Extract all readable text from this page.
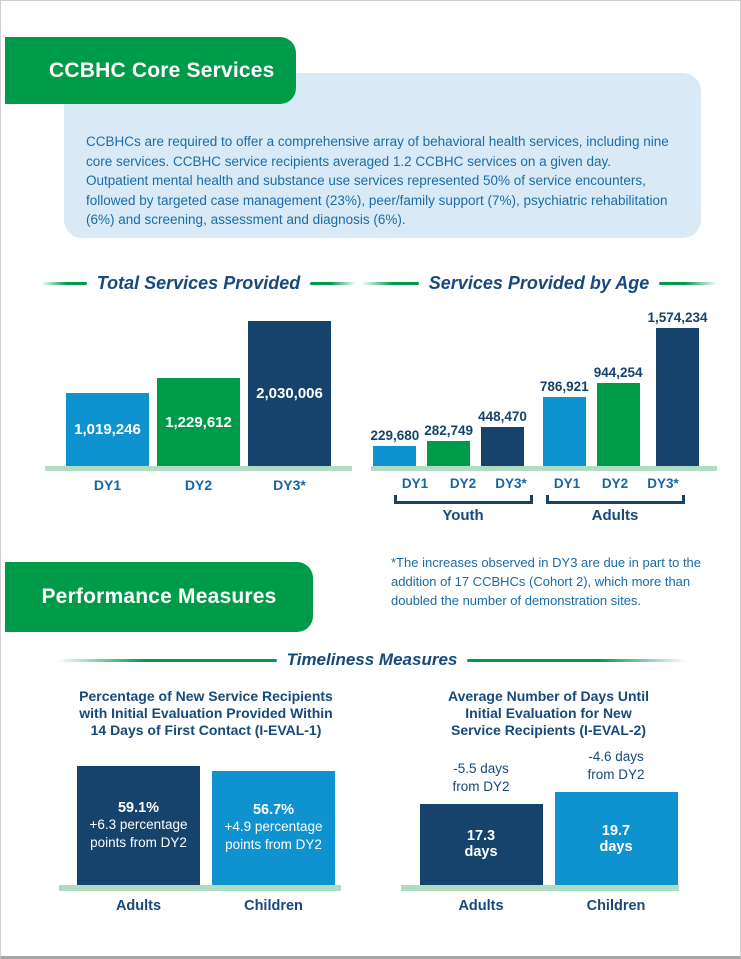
CCBHC Core Services

CCBHCs are required to offer a comprehensive array of behavioral health services, including nine core services. CCBHC service recipients averaged 1.2 CCBHC services on a given day. Outpatient mental health and substance use services represented 50% of service encounters, followed by targeted case management (23%), peer/family support (7%), psychiatric rehabilitation (6%) and screening, assessment and diagnosis (6%).

Total Services Provided
1,019,246 1,229,612
2,030,006
DY1	DY2	DY3*
Services Provided by Age
229,680 282,749
448,470
786,921
944,254
1,574,234
DY1	DY2	DY3*	DY1	DY2	DY3*
Youth	Adults
Performance Measures

*The increases observed in DY3 are due in part to the addition of 17 CCBHCs (Cohort 2), which more than doubled the number of demonstration sites.

Timeliness Measures
Percentage of New Service Recipients
with Initial Evaluation Provided Within
14 Days of First Contact (I-EVAL-1)
59.1%
+6.3 percentage points from DY2
56.7%
+4.9 percentage points from DY2
Adults	Children
Average Number of Days Until
Initial Evaluation for New
Service Recipients (I-EVAL-2)
-5.5 days from DY2
17.3
days
-4.6 days from DY2
19.7
days
Adults	Children
